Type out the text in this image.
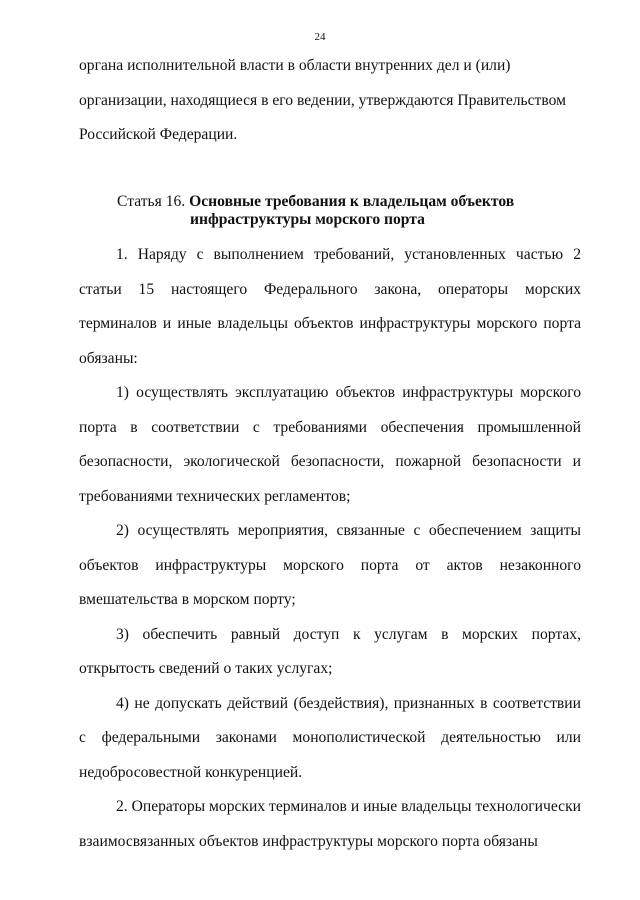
24

органа исполнительной власти в области внутренних дел и (или)

организации, находящиеся в его ведении, утверждаются Правительством

Российской Федерации.

Статья 16. Основные требования к владельцам объектов
инфраструктуры морского порта

1. Наряду с выполнением требований, установленных частью 2 статьи 15 настоящего Федерального закона, операторы морских терминалов и иные владельцы объектов инфраструктуры морского порта обязаны:

1) осуществлять эксплуатацию объектов инфраструктуры морского порта в соответствии с требованиями обеспечения промышленной безопасности, экологической безопасности, пожарной безопасности и требованиями технических регламентов;

2) осуществлять мероприятия, связанные с обеспечением защиты объектов инфраструктуры морского порта от актов незаконного вмешательства в морском порту;

3) обеспечить равный доступ к услугам в морских портах, открытость сведений о таких услугах;

4) не допускать действий (бездействия), признанных в соответствии с федеральными законами монополистической деятельностью или недобросовестной конкуренцией.

2. Операторы морских терминалов и иные владельцы технологически взаимосвязанных объектов инфраструктуры морского порта обязаны
